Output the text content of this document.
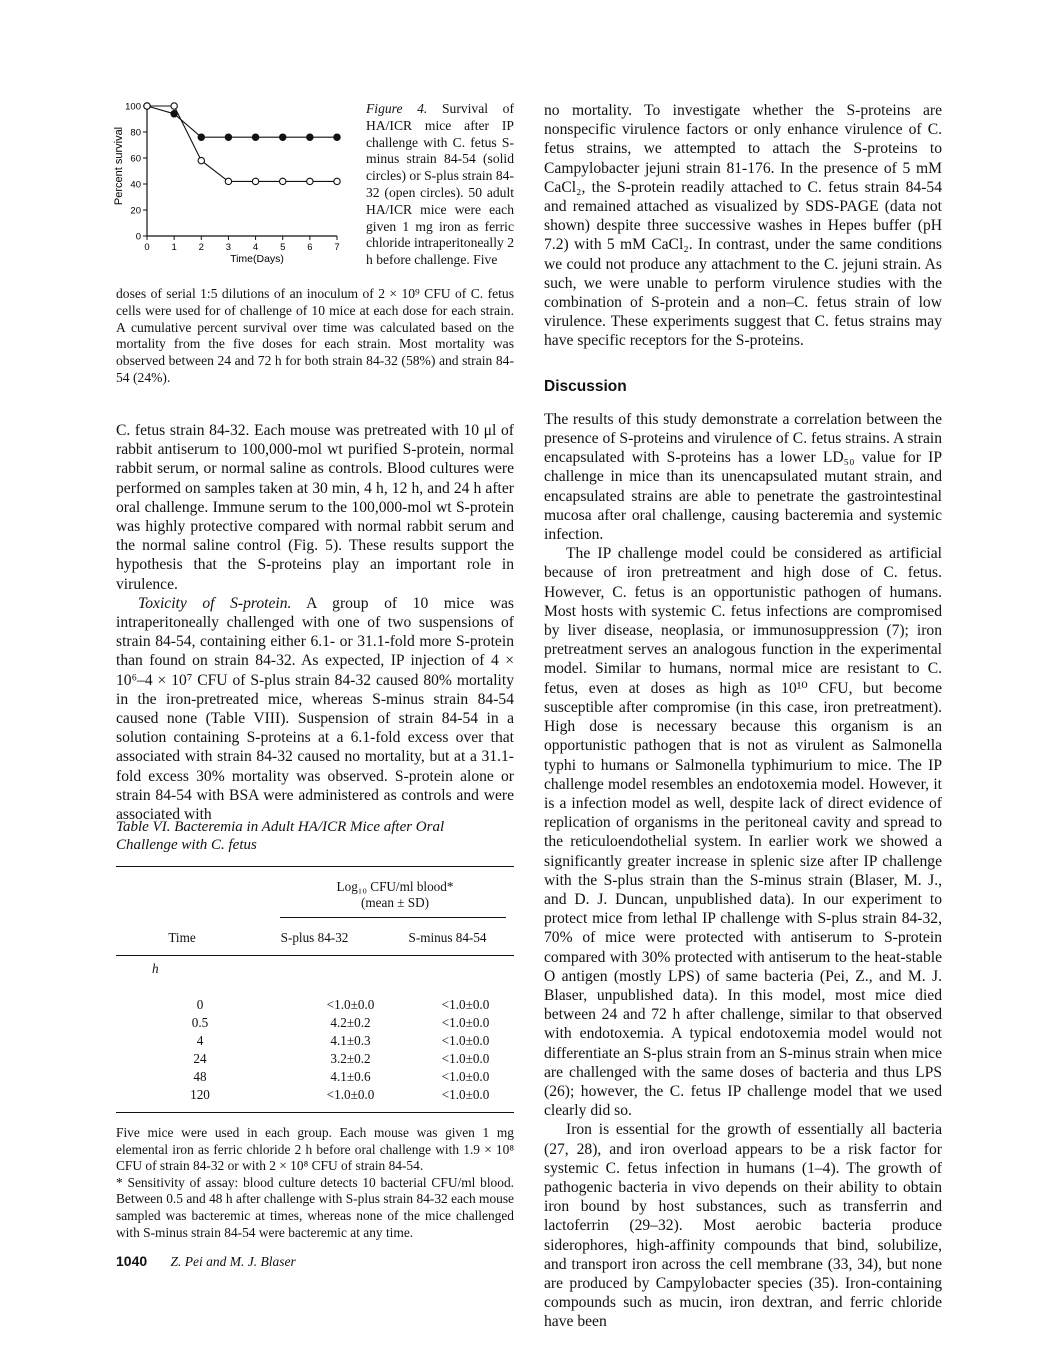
0
20
40
60
80
100
0 1 2 3 4 5 6 7
Percent survival
Time(Days)

Figure 4. Survival of HA/ICR mice after IP challenge with C. fetus S-minus strain 84-54 (solid circles) or S-plus strain 84-32 (open circles). 50 adult HA/ICR mice were each given 1 mg iron as ferric chloride intraperitoneally 2 h before challenge. Five

doses of serial 1:5 dilutions of an inoculum of 2 × 10⁹ CFU of C. fetus cells were used for of challenge of 10 mice at each dose for each strain. A cumulative percent survival over time was calculated based on the mortality from the five doses for each strain. Most mortality was observed between 24 and 72 h for both strain 84-32 (58%) and strain 84-54 (24%).

C. fetus strain 84-32. Each mouse was pretreated with 10 μl of rabbit antiserum to 100,000-mol wt purified S-protein, normal rabbit serum, or normal saline as controls. Blood cultures were performed on samples taken at 30 min, 4 h, 12 h, and 24 h after oral challenge. Immune serum to the 100,000-mol wt S-protein was highly protective compared with normal rabbit serum and the normal saline control (Fig. 5). These results support the hypothesis that the S-proteins play an important role in virulence.

Toxicity of S-protein. A group of 10 mice was intraperitoneally challenged with one of two suspensions of strain 84-54, containing either 6.1- or 31.1-fold more S-protein than found on strain 84-32. As expected, IP injection of 4 × 10⁶–4 × 10⁷ CFU of S-plus strain 84-32 caused 80% mortality in the iron-pretreated mice, whereas S-minus strain 84-54 caused none (Table VIII). Suspension of strain 84-54 in a solution containing S-proteins at a 6.1-fold excess over that associated with strain 84-32 caused no mortality, but at a 31.1-fold excess 30% mortality was observed. S-protein alone or strain 84-54 with BSA were administered as controls and were associated with

Table VI. Bacteremia in Adult HA/ICR Mice after Oral Challenge with C. fetus
Log₁₀ CFU/ml blood*
(mean ± SD)
Time	S-plus 84-32	S-minus 84-54
h		

0	<1.0±0.0	<1.0±0.0
0.5	4.2±0.2	<1.0±0.0
4	4.1±0.3	<1.0±0.0
24	3.2±0.2	<1.0±0.0
48	4.1±0.6	<1.0±0.0
120	<1.0±0.0	<1.0±0.0

Five mice were used in each group. Each mouse was given 1 mg elemental iron as ferric chloride 2 h before oral challenge with 1.9 × 10⁸ CFU of strain 84-32 or with 2 × 10⁸ CFU of strain 84-54.

* Sensitivity of assay: blood culture detects 10 bacterial CFU/ml blood. Between 0.5 and 48 h after challenge with S-plus strain 84-32 each mouse sampled was bacteremic at times, whereas none of the mice challenged with S-minus strain 84-54 were bacteremic at any time.

1040 Z. Pei and M. J. Blaser

no mortality. To investigate whether the S-proteins are nonspecific virulence factors or only enhance virulence of C. fetus strains, we attempted to attach the S-proteins to Campylobacter jejuni strain 81-176. In the presence of 5 mM CaCl₂, the S-protein readily attached to C. fetus strain 84-54 and remained attached as visualized by SDS-PAGE (data not shown) despite three successive washes in Hepes buffer (pH 7.2) with 5 mM CaCl₂. In contrast, under the same conditions we could not produce any attachment to the C. jejuni strain. As such, we were unable to perform virulence studies with the combination of S-protein and a non–C. fetus strain of low virulence. These experiments suggest that C. fetus strains may have specific receptors for the S-proteins.

Discussion

The results of this study demonstrate a correlation between the presence of S-proteins and virulence of C. fetus strains. A strain encapsulated with S-proteins has a lower LD₅₀ value for IP challenge in mice than its unencapsulated mutant strain, and encapsulated strains are able to penetrate the gastrointestinal mucosa after oral challenge, causing bacteremia and systemic infection.

The IP challenge model could be considered as artificial because of iron pretreatment and high dose of C. fetus. However, C. fetus is an opportunistic pathogen of humans. Most hosts with systemic C. fetus infections are compromised by liver disease, neoplasia, or immunosuppression (7); iron pretreatment serves an analogous function in the experimental model. Similar to humans, normal mice are resistant to C. fetus, even at doses as high as 10¹⁰ CFU, but become susceptible after compromise (in this case, iron pretreatment). High dose is necessary because this organism is an opportunistic pathogen that is not as virulent as Salmonella typhi to humans or Salmonella typhimurium to mice. The IP challenge model resembles an endotoxemia model. However, it is a infection model as well, despite lack of direct evidence of replication of organisms in the peritoneal cavity and spread to the reticuloendothelial system. In earlier work we showed a significantly greater increase in splenic size after IP challenge with the S-plus strain than the S-minus strain (Blaser, M. J., and D. J. Duncan, unpublished data). In our experiment to protect mice from lethal IP challenge with S-plus strain 84-32, 70% of mice were protected with antiserum to S-protein compared with 30% protected with antiserum to the heat-stable O antigen (mostly LPS) of same bacteria (Pei, Z., and M. J. Blaser, unpublished data). In this model, most mice died between 24 and 72 h after challenge, similar to that observed with endotoxemia. A typical endotoxemia model would not differentiate an S-plus strain from an S-minus strain when mice are challenged with the same doses of bacteria and thus LPS (26); however, the C. fetus IP challenge model that we used clearly did so.

Iron is essential for the growth of essentially all bacteria (27, 28), and iron overload appears to be a risk factor for systemic C. fetus infection in humans (1–4). The growth of pathogenic bacteria in vivo depends on their ability to obtain iron bound by host substances, such as transferrin and lactoferrin (29–32). Most aerobic bacteria produce siderophores, high-affinity compounds that bind, solubilize, and transport iron across the cell membrane (33, 34), but none are produced by Campylobacter species (35). Iron-containing compounds such as mucin, iron dextran, and ferric chloride have been
